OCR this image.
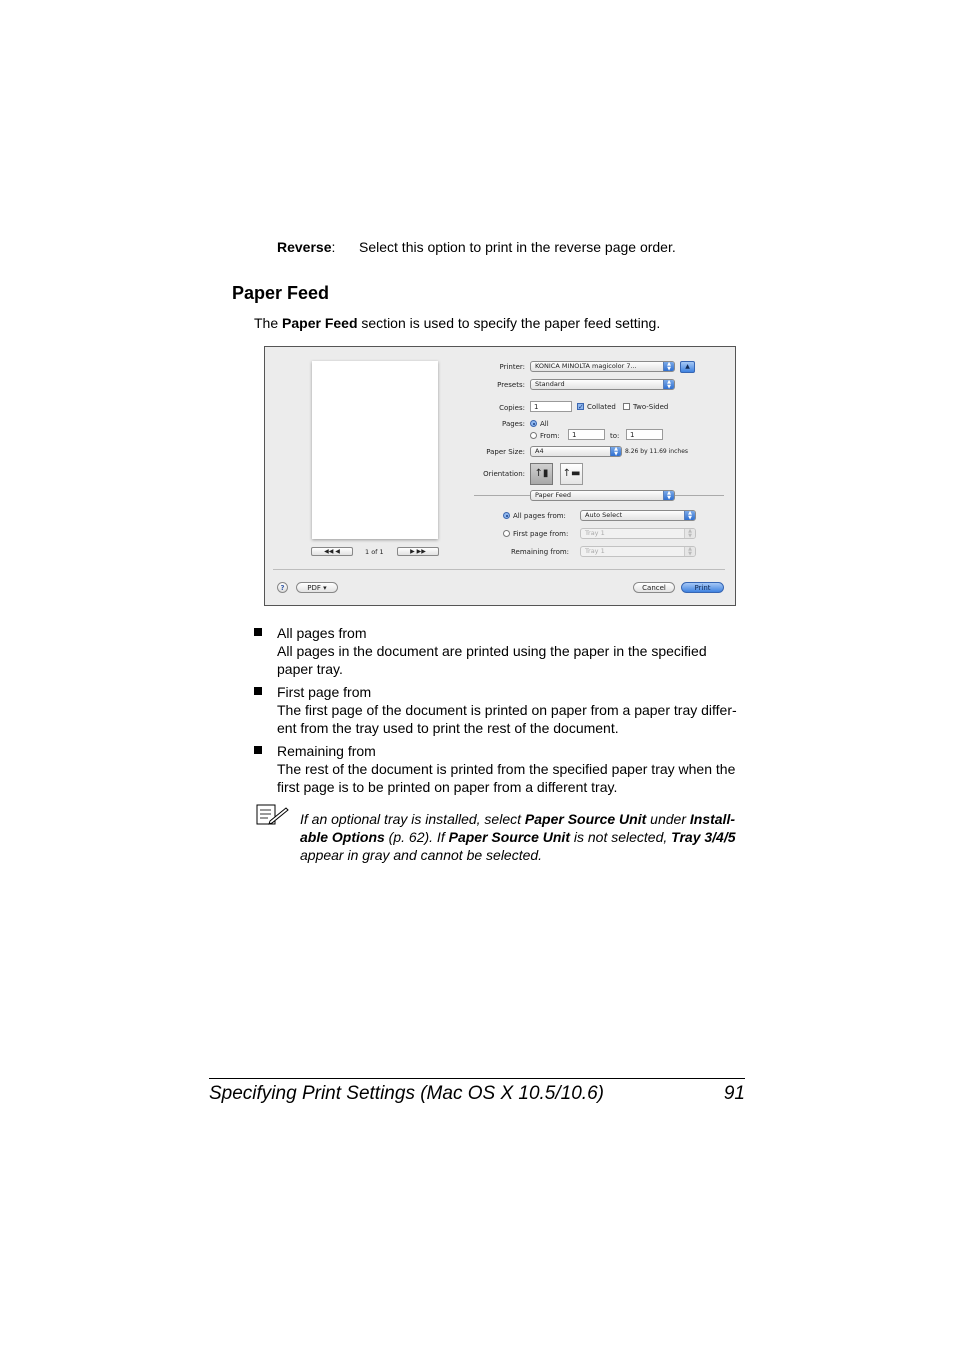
Reverse: Select this option to print in the reverse page order.
Paper Feed
The Paper Feed section is used to specify the paper feed setting.
◀◀ ◀	1 of 1	▶ ▶▶
Printer:	KONICA MINOLTA magicolor 7...	▲
▼	▲
Presets:	Standard	▲
▼
Copies:	1	✓ Collated Two-Sided
Pages: All
From:	1	to:	1
Paper Size:	A4	▲
▼	8.26 by 11.69 inches
Orientation: ↑▮	↑▬
Paper Feed	▲
▼
All pages from:	Auto Select	▲
▼
First page from:	Tray 1	▲
▼
Remaining from:	Tray 1	▲
▼
?	PDF ▾	Cancel	Print
All pages from
All pages in the document are printed using the paper in the specified
paper tray.
First page from
The first page of the document is printed on paper from a paper tray differ-
ent from the tray used to print the rest of the document.
Remaining from
The rest of the document is printed from the specified paper tray when the
first page is to be printed on paper from a different tray.
If an optional tray is installed, select Paper Source Unit under Install-
able Options (p. 62). If Paper Source Unit is not selected, Tray 3/4/5
appear in gray and cannot be selected.
Specifying Print Settings (Mac OS X 10.5/10.6)	91
